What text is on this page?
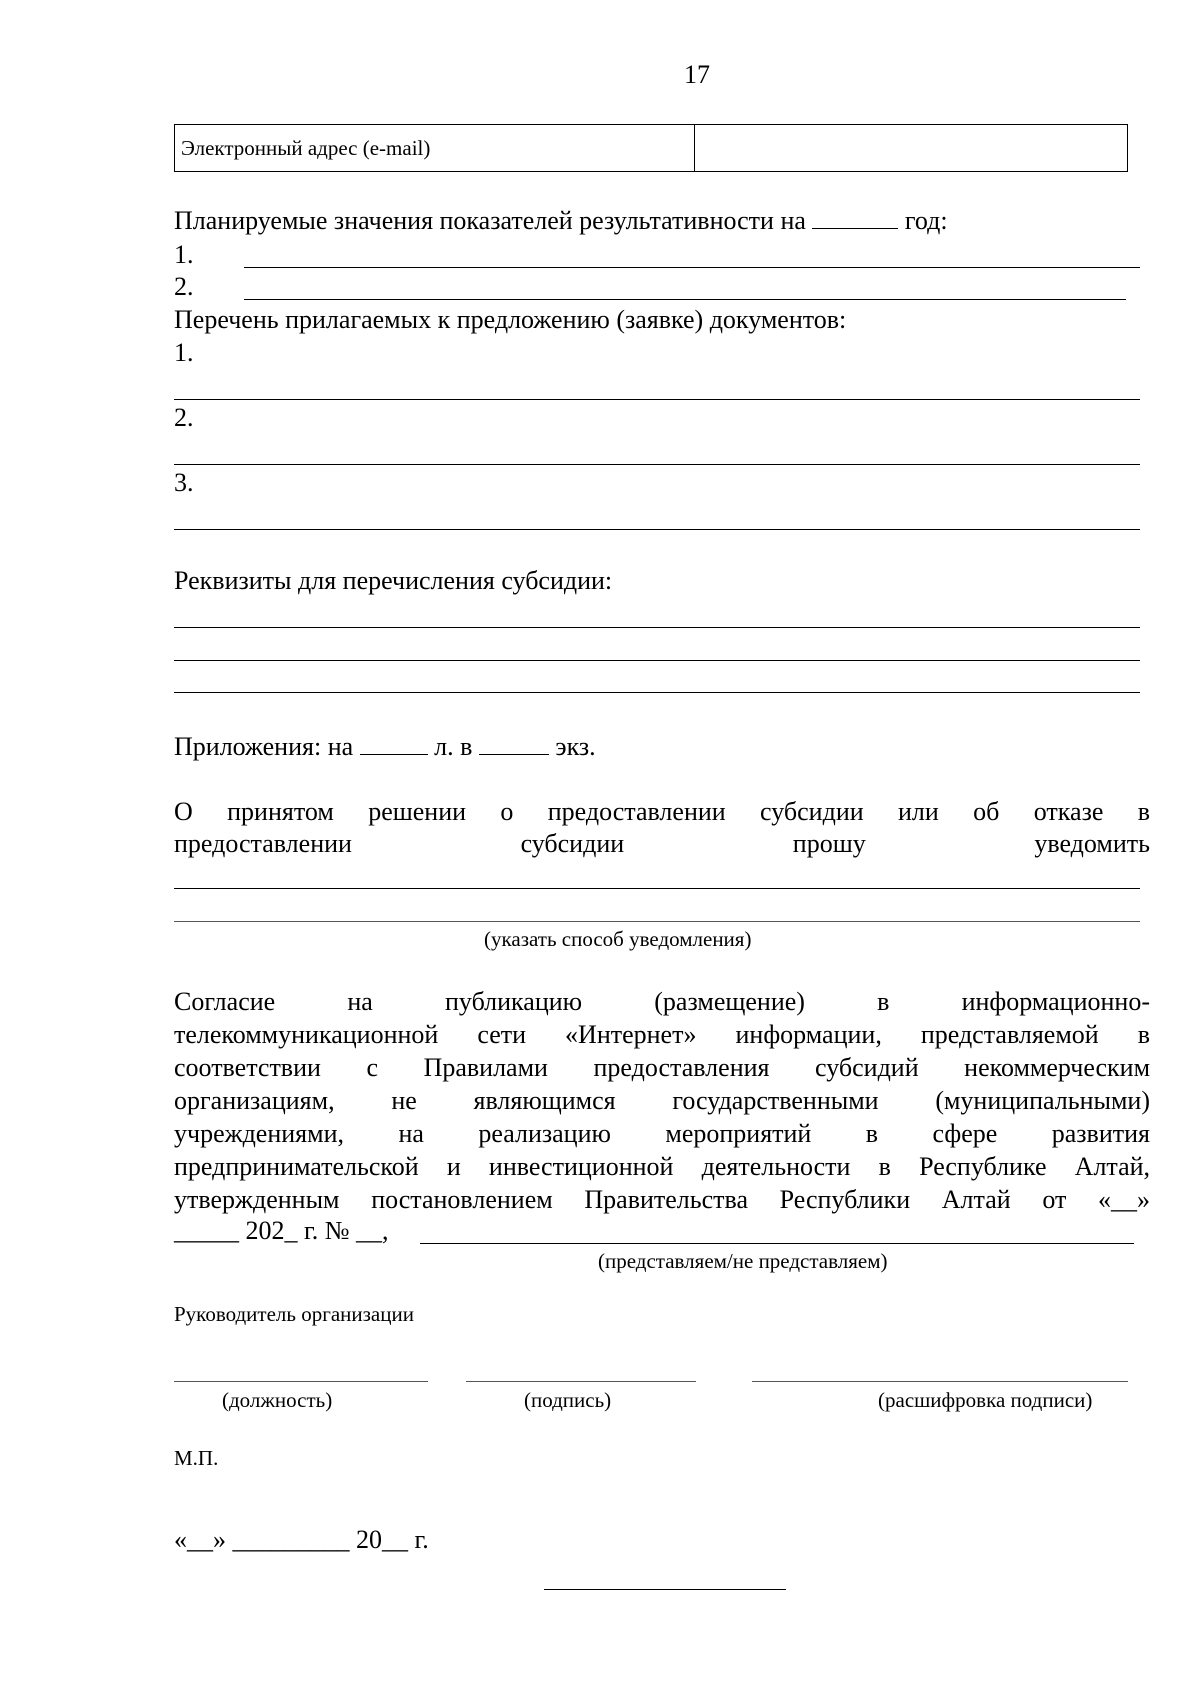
17
Электронный адрес (e-mail)
Планируемые значения показателей результативности на	год:
1.
2.
Перечень прилагаемых к предложению (заявке) документов:
1.
2.
3.
Реквизиты для перечисления субсидии:
Приложения: на	л. в	экз.
О принятом решении о предоставлении субсидии или об отказе в
предоставлении	субсидии	прошу	уведомить
(указать способ уведомления)
Согласие	на	публикацию	(размещение)	в	информационно-
телекоммуникационной сети «Интернет» информации, представляемой в
соответствии с Правилами предоставления субсидий некоммерческим
организациям, не являющимся государственными (муниципальными)
учреждениями, на реализацию мероприятий в сфере развития
предпринимательской и инвестиционной деятельности в Республике Алтай,
утвержденным постановлением Правительства Республики Алтай от «__»
_____ 202_ г. № __,
(представляем/не представляем)
Руководитель организации
(должность)	(подпись)	(расшифровка подписи)
М.П.
«__» _________ 20__ г.
